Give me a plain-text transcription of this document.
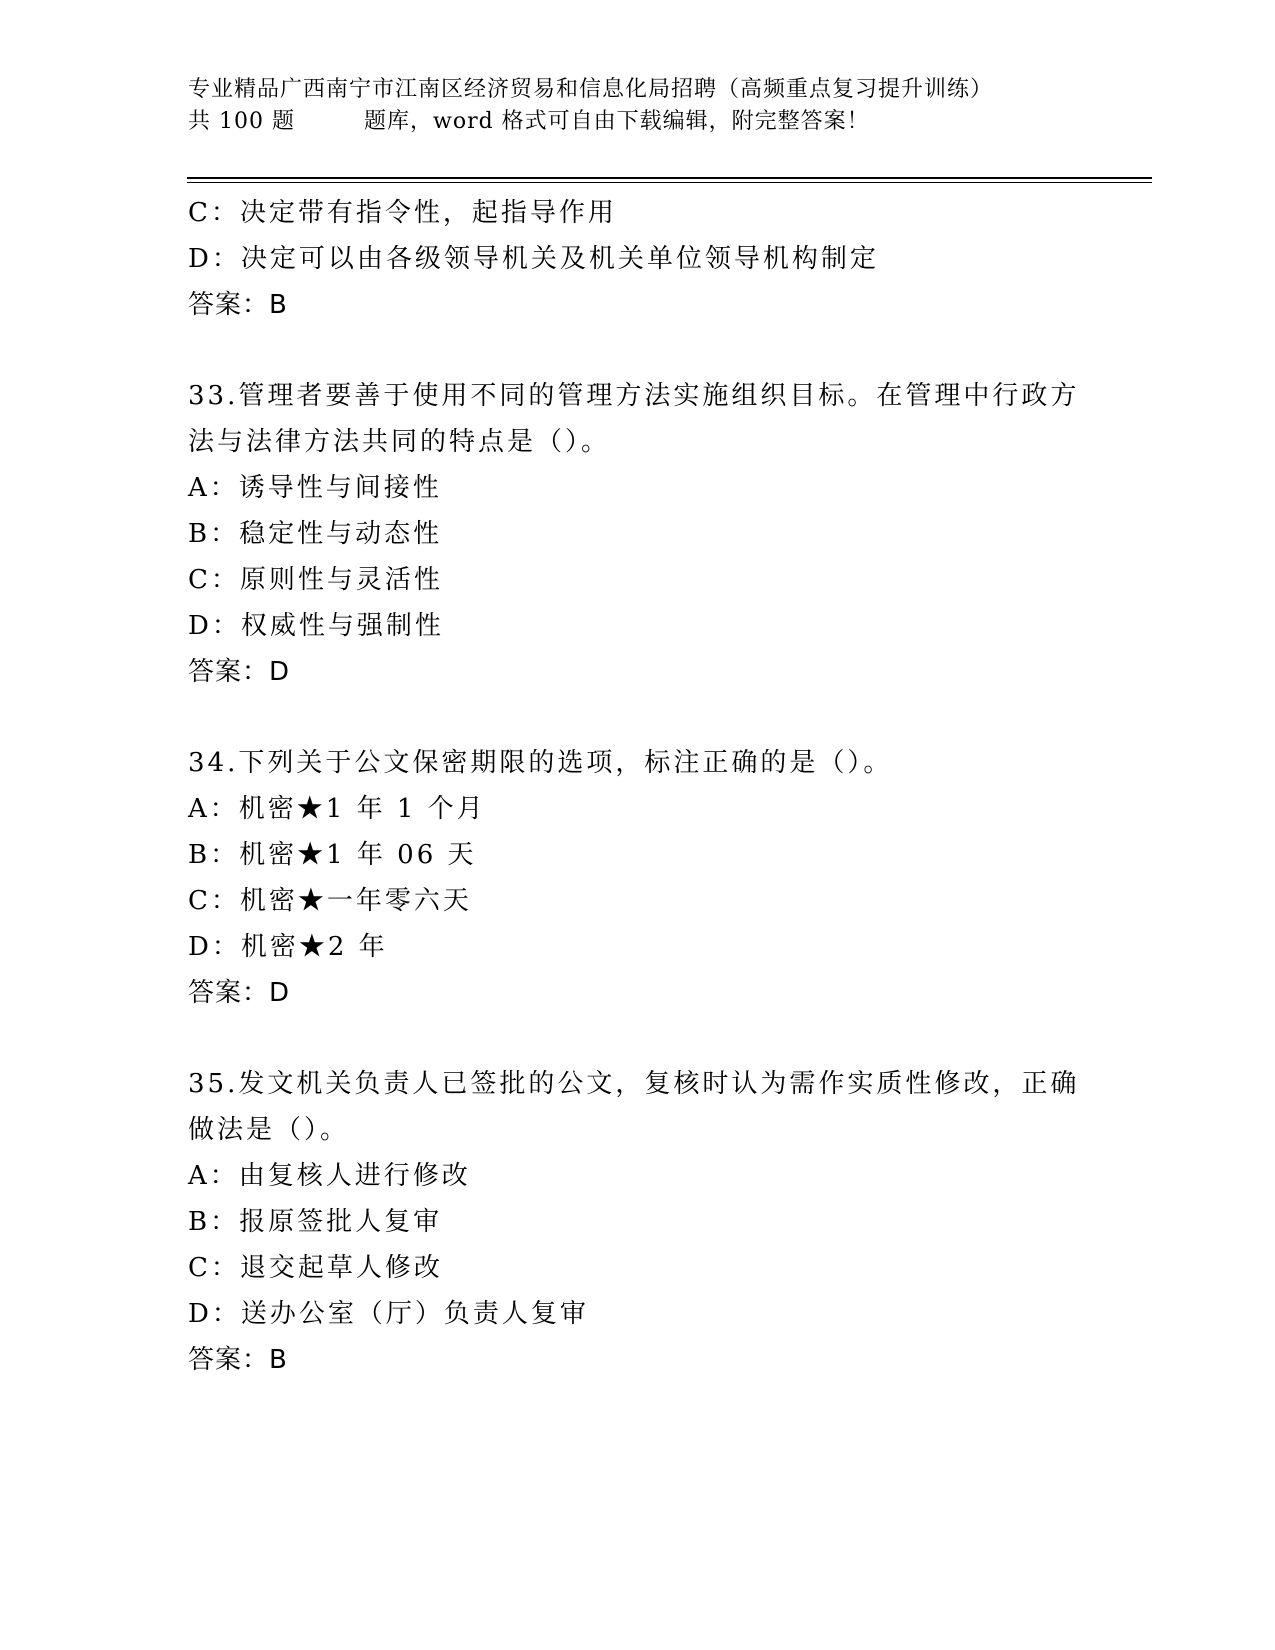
专业精品广西南宁市江南区经济贸易和信息化局招聘（高频重点复习提升训练）
共 100 题	题库，word 格式可自由下载编辑，附完整答案！
C：决定带有指令性，起指导作用
D：决定可以由各级领导机关及机关单位领导机构制定
答案：B
33.管理者要善于使用不同的管理方法实施组织目标。在管理中行政方
法与法律方法共同的特点是（）。
A：诱导性与间接性
B：稳定性与动态性
C：原则性与灵活性
D：权威性与强制性
答案：D
34.下列关于公文保密期限的选项，标注正确的是（）。
A：机密★1 年 1 个月
B：机密★1 年 06 天
C：机密★一年零六天
D：机密★2 年
答案：D
35.发文机关负责人已签批的公文，复核时认为需作实质性修改，正确
做法是（）。
A：由复核人进行修改
B：报原签批人复审
C：退交起草人修改
D：送办公室（厅）负责人复审
答案：B
